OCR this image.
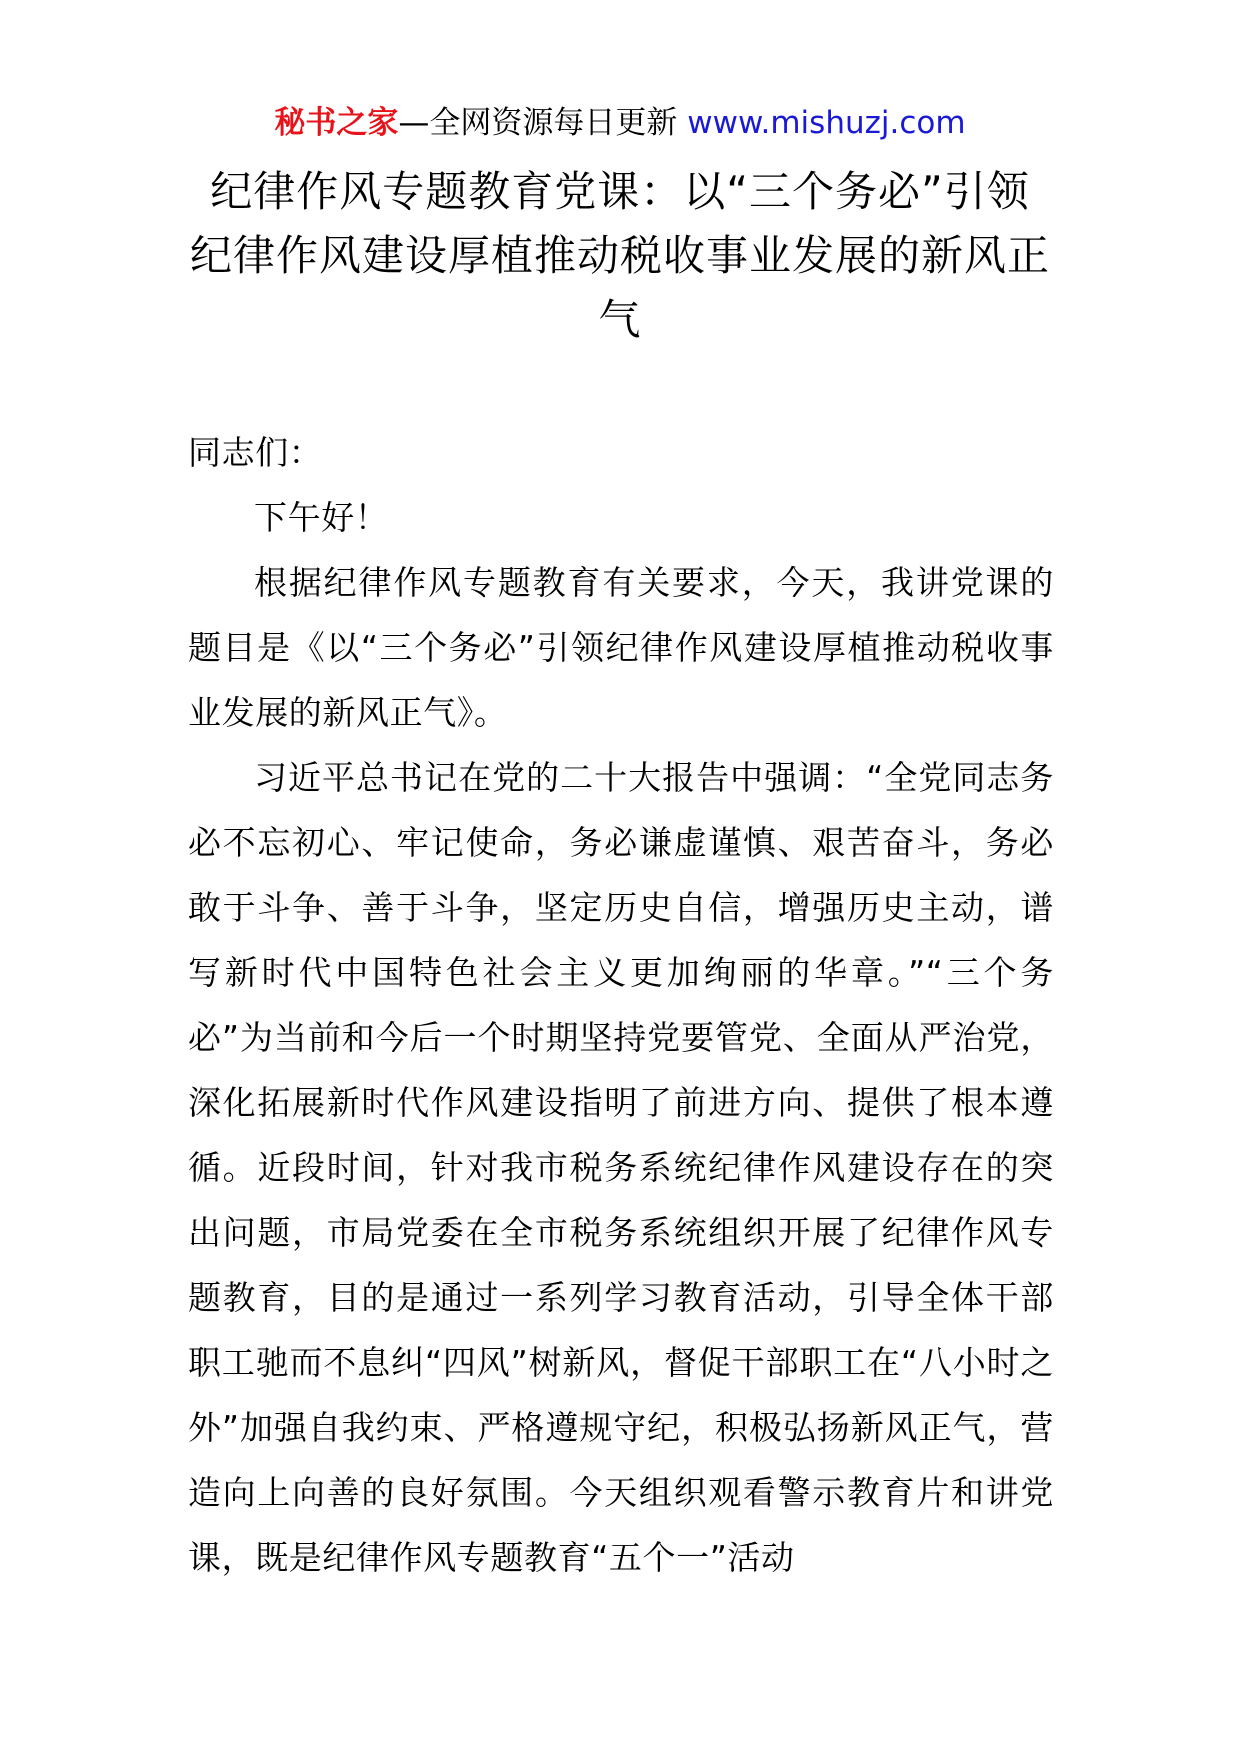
秘书之家—全网资源每日更新 www.mishuzj.com
纪律作风专题教育党课：以“三个务必”引领纪律作风建设厚植推动税收事业发展的新风正气

同志们：

下午好！

根据纪律作风专题教育有关要求，今天，我讲党课的题目是《以“三个务必”引领纪律作风建设厚植推动税收事业发展的新风正气》。

习近平总书记在党的二十大报告中强调：“全党同志务必不忘初心、牢记使命，务必谦虚谨慎、艰苦奋斗，务必敢于斗争、善于斗争，坚定历史自信，增强历史主动，谱写新时代中国特色社会主义更加绚丽的华章。”“三个务必”为当前和今后一个时期坚持党要管党、全面从严治党，深化拓展新时代作风建设指明了前进方向、提供了根本遵循。近段时间，针对我市税务系统纪律作风建设存在的突出问题，市局党委在全市税务系统组织开展了纪律作风专题教育，目的是通过一系列学习教育活动，引导全体干部职工驰而不息纠“四风”树新风，督促干部职工在“八小时之外”加强自我约束、严格遵规守纪，积极弘扬新风正气，营造向上向善的良好氛围。今天组织观看警示教育片和讲党课，既是纪律作风专题教育“五个一”活动
